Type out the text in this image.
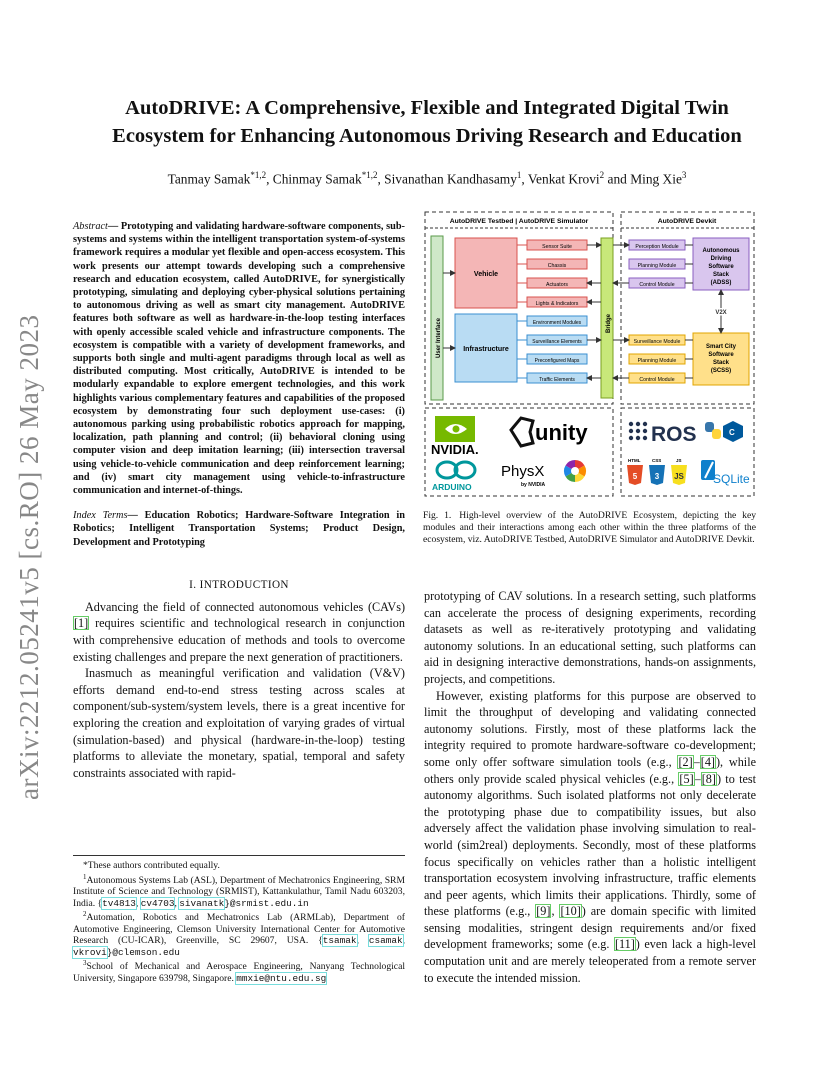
arXiv:2212.05241v5 [cs.RO] 26 May 2023
AutoDRIVE: A Comprehensive, Flexible and Integrated Digital Twin
Ecosystem for Enhancing Autonomous Driving Research and Education
Tanmay Samak$^{*1,2}$, Chinmay Samak$^{*1,2}$, Sivanathan Kandhasamy$^1$, Venkat Krovi$^2$ and Ming Xie$^3$
Abstract— Prototyping and validating hardware-software components, sub-systems and systems within the intelligent transportation system-of-systems framework requires a modular yet flexible and open-access ecosystem. This work presents our attempt towards developing such a comprehensive research and education ecosystem, called AutoDRIVE, for synergistically prototyping, simulating and deploying cyber-physical solutions pertaining to autonomous driving as well as smart city management. AutoDRIVE features both software as well as hardware-in-the-loop testing interfaces with openly accessible scaled vehicle and infrastructure components. The ecosystem is compatible with a variety of development frameworks, and supports both single and multi-agent paradigms through local as well as distributed computing. Most critically, AutoDRIVE is intended to be modularly expandable to explore emergent technologies, and this work highlights various complementary features and capabilities of the proposed ecosystem by demonstrating four such deployment use-cases: (i) autonomous parking using probabilistic robotics approach for mapping, localization, path planning and control; (ii) behavioral cloning using computer vision and deep imitation learning; (iii) intersection traversal using vehicle-to-vehicle communication and deep reinforcement learning; and (iv) smart city management using vehicle-to-infrastructure communication and internet-of-things.
Index Terms— Education Robotics; Hardware-Software Integration in Robotics; Intelligent Transportation Systems; Product Design, Development and Prototyping
I. INTRODUCTION

Advancing the field of connected autonomous vehicles (CAVs) [1] requires scientific and technological research in conjunction with comprehensive education of methods and tools to overcome existing challenges and prepare the next generation of practitioners.

Inasmuch as meaningful verification and validation (V&V) efforts demand end-to-end stress testing across scales at component/sub-system/system levels, there is a great incentive for exploring the creation and exploitation of varying grades of virtual (simulation-based) and physical (hardware-in-the-loop) testing platforms to alleviate the monetary, spatial, temporal and safety constraints associated with rapid-

*These authors contributed equally.
$^1$Autonomous Systems Lab (ASL), Department of Mechatronics Engineering, SRM Institute of Science and Technology (SRMIST), Kattankulathur, Tamil Nadu 603203, India. {tv4813, cv4703, sivanatk}@srmist.edu.in
$^2$Automation, Robotics and Mechatronics Lab (ARMLab), Department of Automotive Engineering, Clemson University International Center for Automotive Research (CU-ICAR), Greenville, SC 29607, USA. {tsamak, csamak, vkrovi}@clemson.edu
$^3$School of Mechanical and Aerospace Engineering, Nanyang Technological University, Singapore 639798, Singapore. mmxie@ntu.edu.sg
AutoDRIVE Testbed | AutoDRIVE Simulator	AutoDRIVE Devkit
User Interface	Bridge
Vehicle
Sensor Suite
Chassis
Actuators
Lights & Indicators
Infrastructure
Environment Modules
Surveillance Elements
Preconfigured Maps
Traffic Elements
Perception Module
Planning Module
Control Module
Autonomous
Driving
Software
Stack
(ADSS)
Surveillance Module
Planning Module
Control Module
Smart City
Software
Stack
(SCSS)
V2X
NVIDIA.
unity
ARDUINO
PhysX
by NVIDIA
ROS	C
HTML
5
CSS
3
JS
JS SQLite
Fig. 1. High-level overview of the AutoDRIVE Ecosystem, depicting the key modules and their interactions among each other within the three platforms of the ecosystem, viz. AutoDRIVE Testbed, AutoDRIVE Simulator and AutoDRIVE Devkit.

prototyping of CAV solutions. In a research setting, such platforms can accelerate the process of designing experiments, recording datasets as well as re-iteratively prototyping and validating autonomy solutions. In an educational setting, such platforms can aid in designing interactive demonstrations, hands-on assignments, projects, and competitions.

However, existing platforms for this purpose are observed to limit the throughput of developing and validating connected autonomy solutions. Firstly, most of these platforms lack the integrity required to promote hardware-software co-development; some only offer software simulation tools (e.g., [2]–[4]), while others only provide scaled physical vehicles (e.g., [5]–[8]) to test autonomy algorithms. Such isolated platforms not only decelerate the prototyping phase due to compatibility issues, but also adversely affect the validation phase involving simulation to real-world (sim2real) deployments. Secondly, most of these platforms focus specifically on vehicles rather than a holistic intelligent transportation ecosystem involving infrastructure, traffic elements and peer agents, which limits their applications. Thirdly, some of these platforms (e.g., [9], [10]) are domain specific with limited sensing modalities, stringent design requirements and/or fixed development frameworks; some (e.g. [11]) even lack a high-level computation unit and are merely teleoperated from a remote server to execute the intended mission.
